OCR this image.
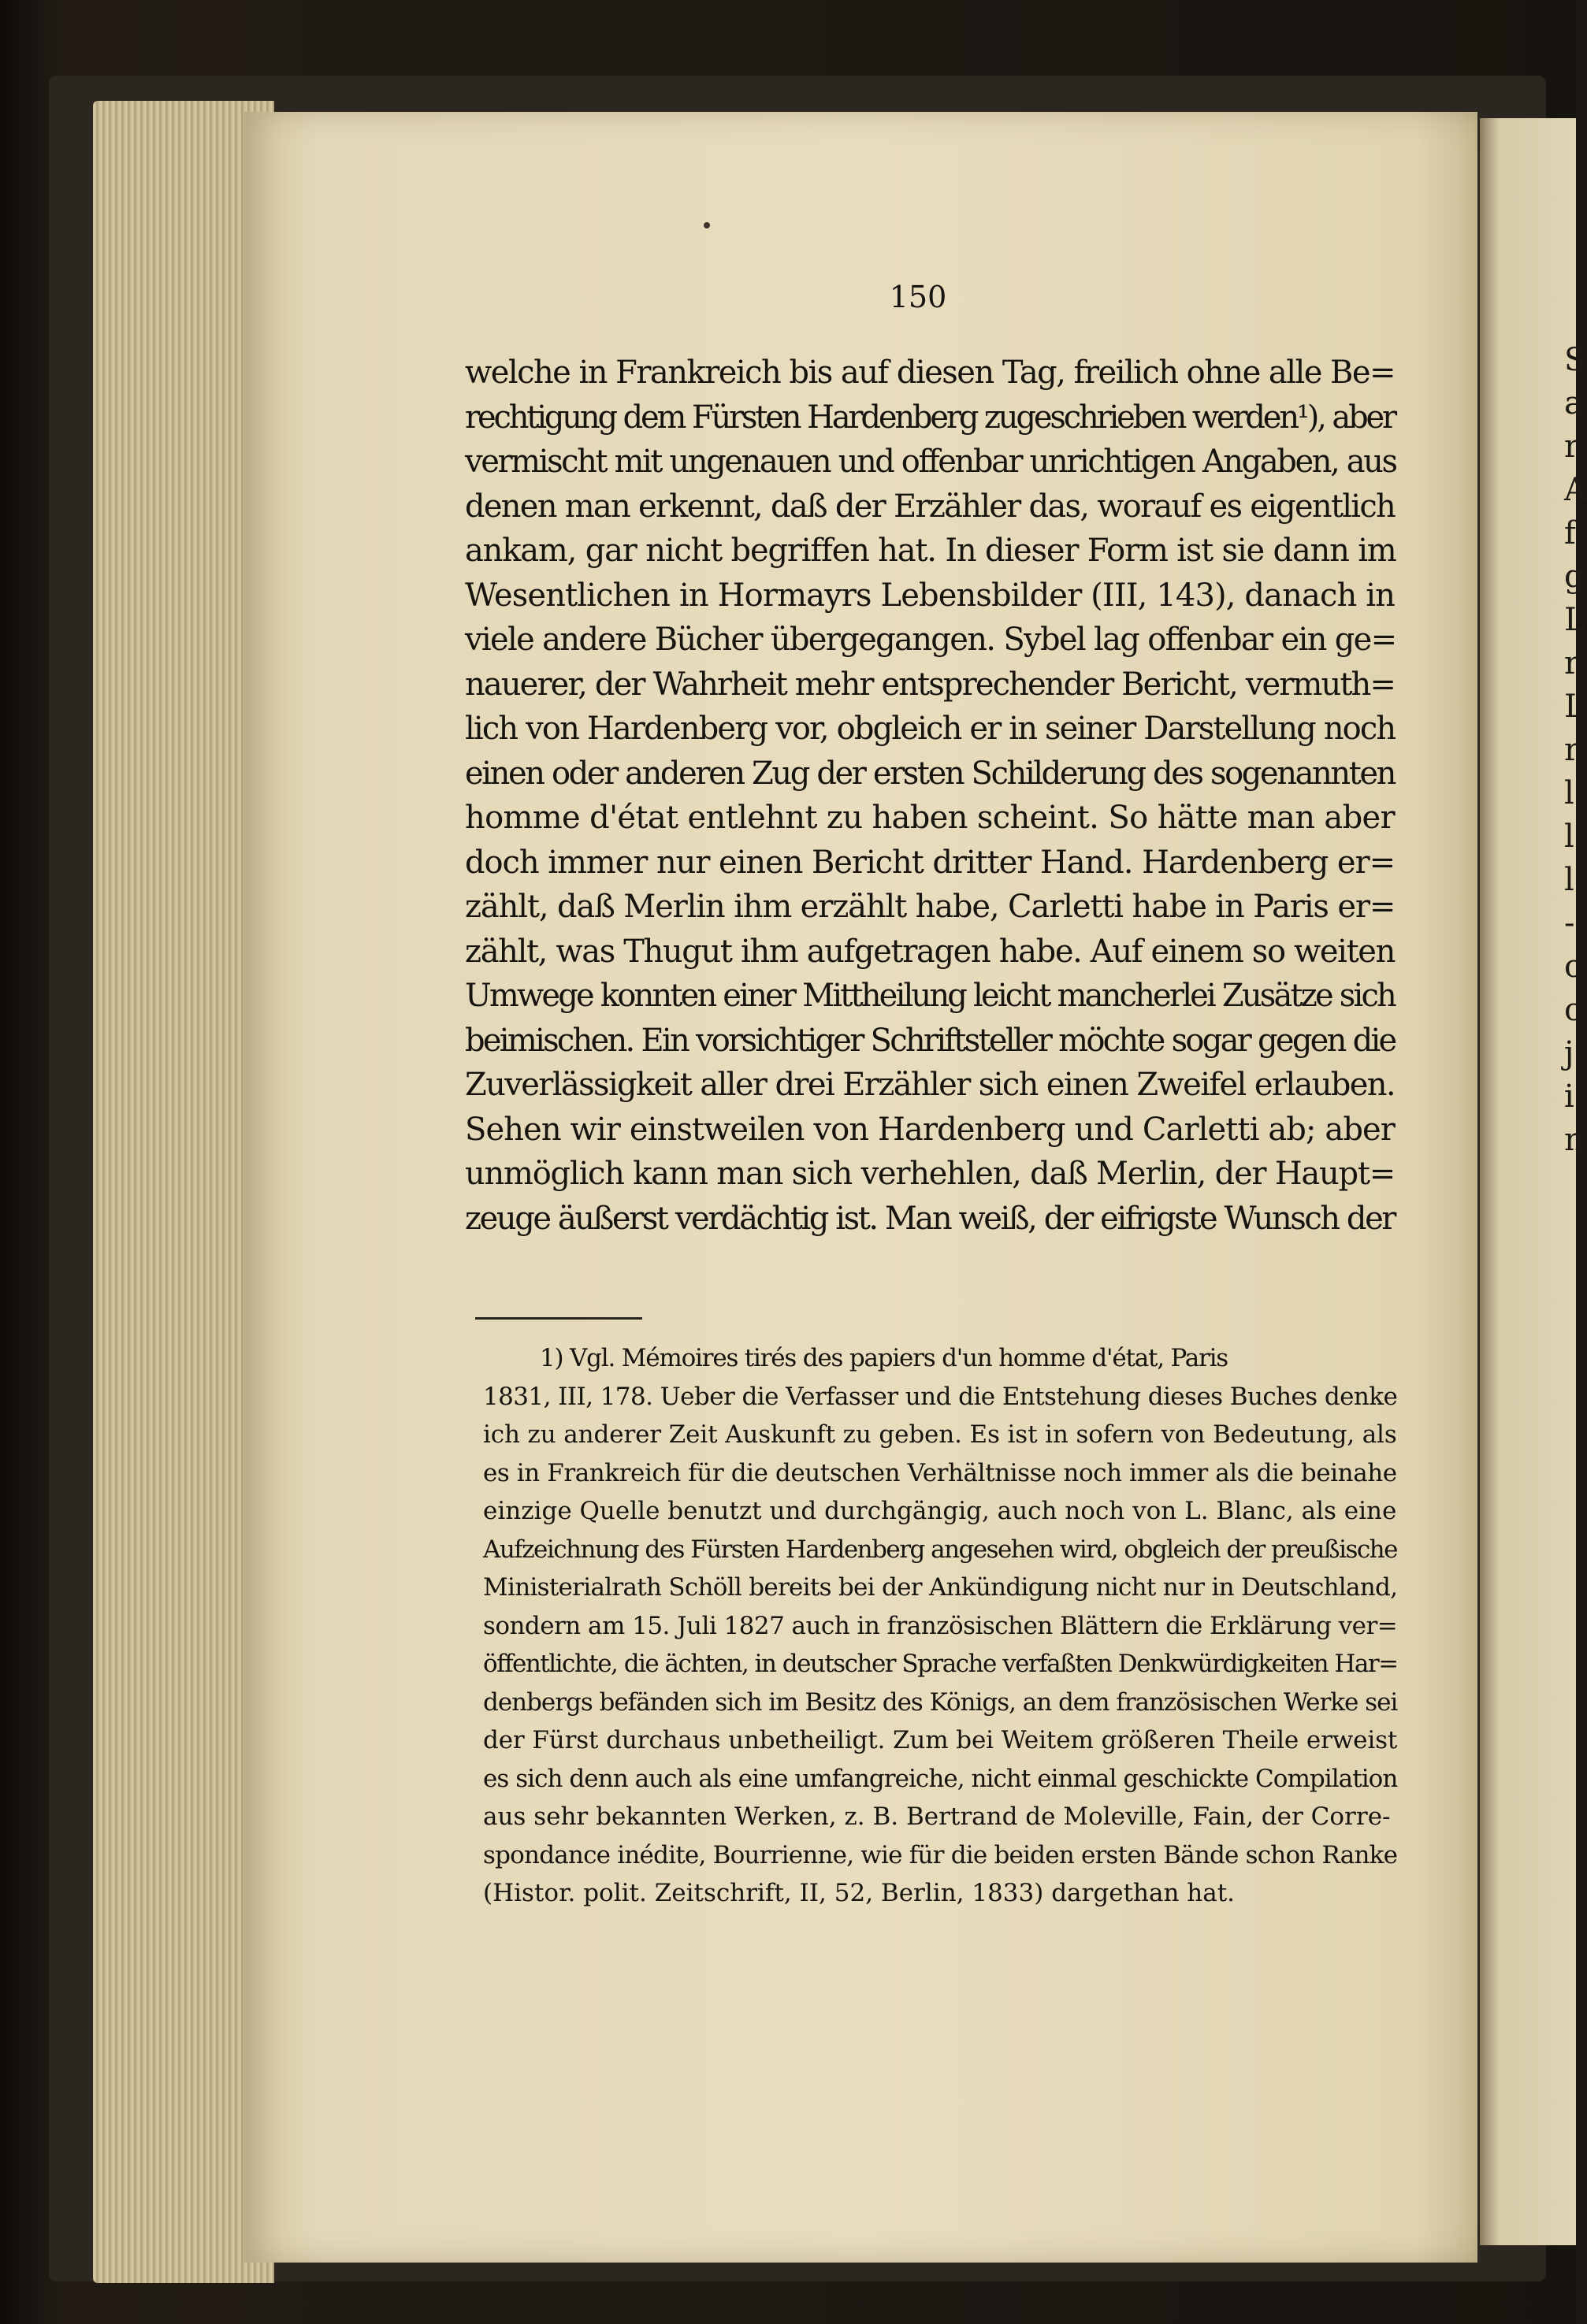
S
a
r
A
f
g
L
r
L
r
l
l
l
-
c
c
j
i
n
150
welche in Frankreich bis auf diesen Tag, freilich ohne alle Be=
rechtigung dem Fürsten Hardenberg zugeschrieben werden¹), aber
vermischt mit ungenauen und offenbar unrichtigen Angaben, aus
denen man erkennt, daß der Erzähler das, worauf es eigentlich
ankam, gar nicht begriffen hat. In dieser Form ist sie dann im
Wesentlichen in Hormayrs Lebensbilder (III, 143), danach in
viele andere Bücher übergegangen. Sybel lag offenbar ein ge=
nauerer, der Wahrheit mehr entsprechender Bericht, vermuth=
lich von Hardenberg vor, obgleich er in seiner Darstellung noch
einen oder anderen Zug der ersten Schilderung des sogenannten
homme d'état entlehnt zu haben scheint. So hätte man aber
doch immer nur einen Bericht dritter Hand. Hardenberg er=
zählt, daß Merlin ihm erzählt habe, Carletti habe in Paris er=
zählt, was Thugut ihm aufgetragen habe. Auf einem so weiten
Umwege konnten einer Mittheilung leicht mancherlei Zusätze sich
beimischen. Ein vorsichtiger Schriftsteller möchte sogar gegen die
Zuverlässigkeit aller drei Erzähler sich einen Zweifel erlauben.
Sehen wir einstweilen von Hardenberg und Carletti ab; aber
unmöglich kann man sich verhehlen, daß Merlin, der Haupt=
zeuge äußerst verdächtig ist. Man weiß, der eifrigste Wunsch der
1) Vgl. Mémoires tirés des papiers d'un homme d'état, Paris
1831, III, 178. Ueber die Verfasser und die Entstehung dieses Buches denke
ich zu anderer Zeit Auskunft zu geben. Es ist in sofern von Bedeutung, als
es in Frankreich für die deutschen Verhältnisse noch immer als die beinahe
einzige Quelle benutzt und durchgängig, auch noch von L. Blanc, als eine
Aufzeichnung des Fürsten Hardenberg angesehen wird, obgleich der preußische
Ministerialrath Schöll bereits bei der Ankündigung nicht nur in Deutschland,
sondern am 15. Juli 1827 auch in französischen Blättern die Erklärung ver=
öffentlichte, die ächten, in deutscher Sprache verfaßten Denkwürdigkeiten Har=
denbergs befänden sich im Besitz des Königs, an dem französischen Werke sei
der Fürst durchaus unbetheiligt. Zum bei Weitem größeren Theile erweist
es sich denn auch als eine umfangreiche, nicht einmal geschickte Compilation
aus sehr bekannten Werken, z. B. Bertrand de Moleville, Fain, der Corre-
spondance inédite, Bourrienne, wie für die beiden ersten Bände schon Ranke
(Histor. polit. Zeitschrift, II, 52, Berlin, 1833) dargethan hat.
